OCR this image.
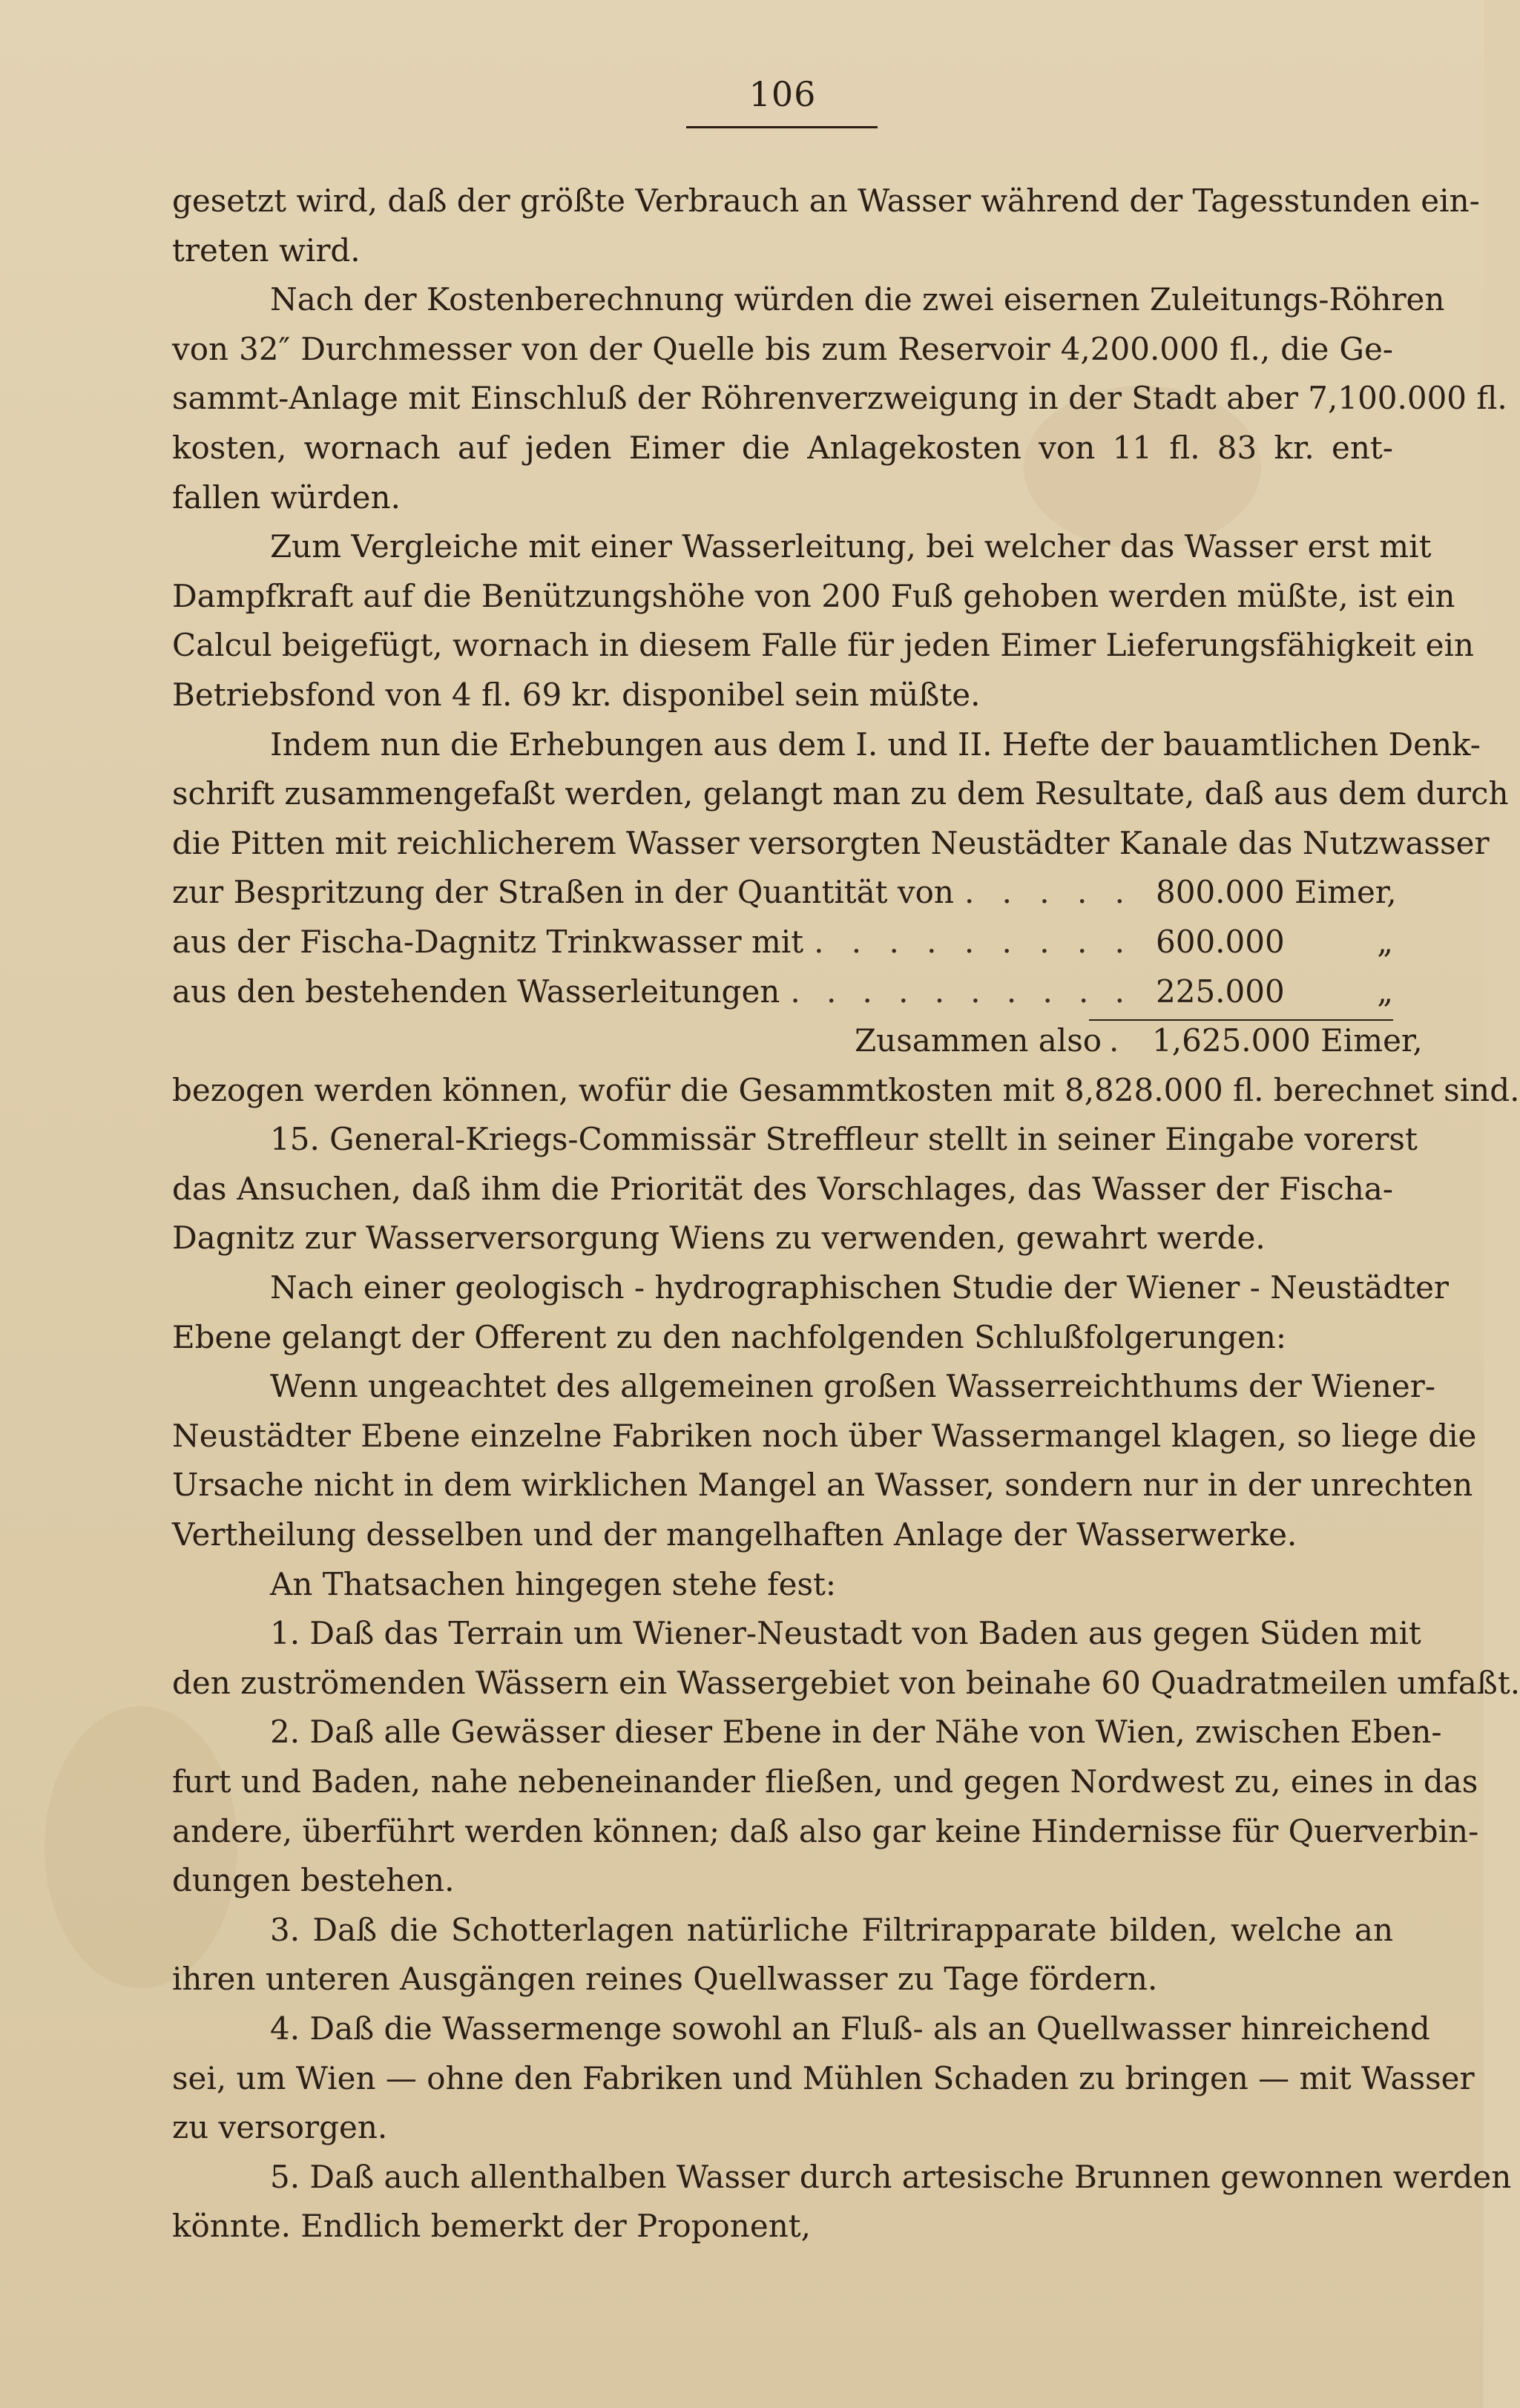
106
gesetzt wird, daß der größte Verbrauch an Wasser während der Tagesstunden ein-
treten wird.
Nach der Kostenberechnung würden die zwei eisernen Zuleitungs-Röhren
von 32″ Durchmesser von der Quelle bis zum Reservoir 4,200.000 fl., die Ge-
sammt-Anlage mit Einschluß der Röhrenverzweigung in der Stadt aber 7,100.000 fl.
kosten, wornach auf jeden Eimer die Anlagekosten von 11 fl. 83 kr. ent-
fallen würden.
Zum Vergleiche mit einer Wasserleitung, bei welcher das Wasser erst mit
Dampfkraft auf die Benützungshöhe von 200 Fuß gehoben werden müßte, ist ein
Calcul beigefügt, wornach in diesem Falle für jeden Eimer Lieferungsfähigkeit ein
Betriebsfond von 4 fl. 69 kr. disponibel sein müßte.
Indem nun die Erhebungen aus dem I. und II. Hefte der bauamtlichen Denk-
schrift zusammengefaßt werden, gelangt man zu dem Resultate, daß aus dem durch
die Pitten mit reichlicherem Wasser versorgten Neustädter Kanale das Nutzwasser
zur Bespritzung der Straßen in der Quantität von . . . . . 800.000 Eimer,
aus der Fischa-Dagnitz Trinkwasser mit . . . . . . . . . 600.000 „
aus den bestehenden Wasserleitungen . . . . . . . . . . 225.000 „
Zusammen also . 1,625.000 Eimer,
bezogen werden können, wofür die Gesammtkosten mit 8,828.000 fl. berechnet sind.
15. General-Kriegs-Commissär Streffleur stellt in seiner Eingabe vorerst
das Ansuchen, daß ihm die Priorität des Vorschlages, das Wasser der Fischa-
Dagnitz zur Wasserversorgung Wiens zu verwenden, gewahrt werde.
Nach einer geologisch - hydrographischen Studie der Wiener - Neustädter
Ebene gelangt der Offerent zu den nachfolgenden Schlußfolgerungen:
Wenn ungeachtet des allgemeinen großen Wasserreichthums der Wiener-
Neustädter Ebene einzelne Fabriken noch über Wassermangel klagen, so liege die
Ursache nicht in dem wirklichen Mangel an Wasser, sondern nur in der unrechten
Vertheilung desselben und der mangelhaften Anlage der Wasserwerke.
An Thatsachen hingegen stehe fest:
1. Daß das Terrain um Wiener-Neustadt von Baden aus gegen Süden mit
den zuströmenden Wässern ein Wassergebiet von beinahe 60 Quadratmeilen umfaßt.
2. Daß alle Gewässer dieser Ebene in der Nähe von Wien, zwischen Eben-
furt und Baden, nahe nebeneinander fließen, und gegen Nordwest zu, eines in das
andere, überführt werden können; daß also gar keine Hindernisse für Querverbin-
dungen bestehen.
3. Daß die Schotterlagen natürliche Filtrirapparate bilden, welche an
ihren unteren Ausgängen reines Quellwasser zu Tage fördern.
4. Daß die Wassermenge sowohl an Fluß- als an Quellwasser hinreichend
sei, um Wien — ohne den Fabriken und Mühlen Schaden zu bringen — mit Wasser
zu versorgen.
5. Daß auch allenthalben Wasser durch artesische Brunnen gewonnen werden
könnte. Endlich bemerkt der Proponent,
